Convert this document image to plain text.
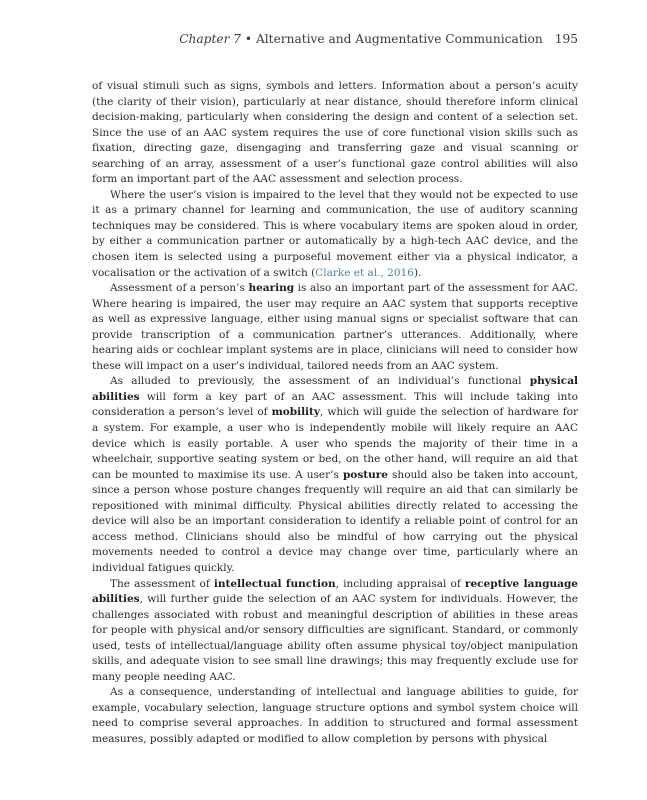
Chapter 7 • Alternative and Augmentative Communication 195

of visual stimuli such as signs, symbols and letters. Information about a person’s acuity (the clarity of their vision), particularly at near distance, should therefore inform clinical decision-making, particularly when considering the design and content of a selection set. Since the use of an AAC system requires the use of core functional vision skills such as fixation, directing gaze, disengaging and transferring gaze and visual scanning or searching of an array, assessment of a user’s functional gaze control abilities will also form an important part of the AAC assessment and selection process.

Where the user’s vision is impaired to the level that they would not be expected to use it as a primary channel for learning and communication, the use of auditory scanning techniques may be considered. This is where vocabulary items are spoken aloud in order, by either a communication partner or automatically by a high-tech AAC device, and the chosen item is selected using a purposeful movement either via a physical indicator, a vocalisation or the activation of a switch (Clarke et al., 2016).

Assessment of a person’s hearing is also an important part of the assessment for AAC. Where hearing is impaired, the user may require an AAC system that supports receptive as well as expressive language, either using manual signs or specialist software that can provide transcription of a communication partner’s utterances. Additionally, where hearing aids or cochlear implant systems are in place, clinicians will need to consider how these will impact on a user’s individual, tailored needs from an AAC system.

As alluded to previously, the assessment of an individual’s functional physical abilities will form a key part of an AAC assessment. This will include taking into consideration a person’s level of mobility, which will guide the selection of hardware for a system. For example, a user who is independently mobile will likely require an AAC device which is easily portable. A user who spends the majority of their time in a wheelchair, supportive seating system or bed, on the other hand, will require an aid that can be mounted to maximise its use. A user’s posture should also be taken into account, since a person whose posture changes frequently will require an aid that can similarly be repositioned with minimal difficulty. Physical abilities directly related to accessing the device will also be an important consideration to identify a reliable point of control for an access method. Clinicians should also be mindful of how carrying out the physical movements needed to control a device may change over time, particularly where an individual fatigues quickly.

The assessment of intellectual function, including appraisal of receptive language abilities, will further guide the selection of an AAC system for individuals. However, the challenges associated with robust and meaningful description of abilities in these areas for people with physical and/or sensory difficulties are significant. Standard, or commonly used, tests of intellectual/language ability often assume physical toy/object manipulation skills, and adequate vision to see small line drawings; this may frequently exclude use for many people needing AAC.

As a consequence, understanding of intellectual and language abilities to guide, for example, vocabulary selection, language structure options and symbol system choice will need to comprise several approaches. In addition to structured and formal assessment measures, possibly adapted or modified to allow completion by persons with physical
